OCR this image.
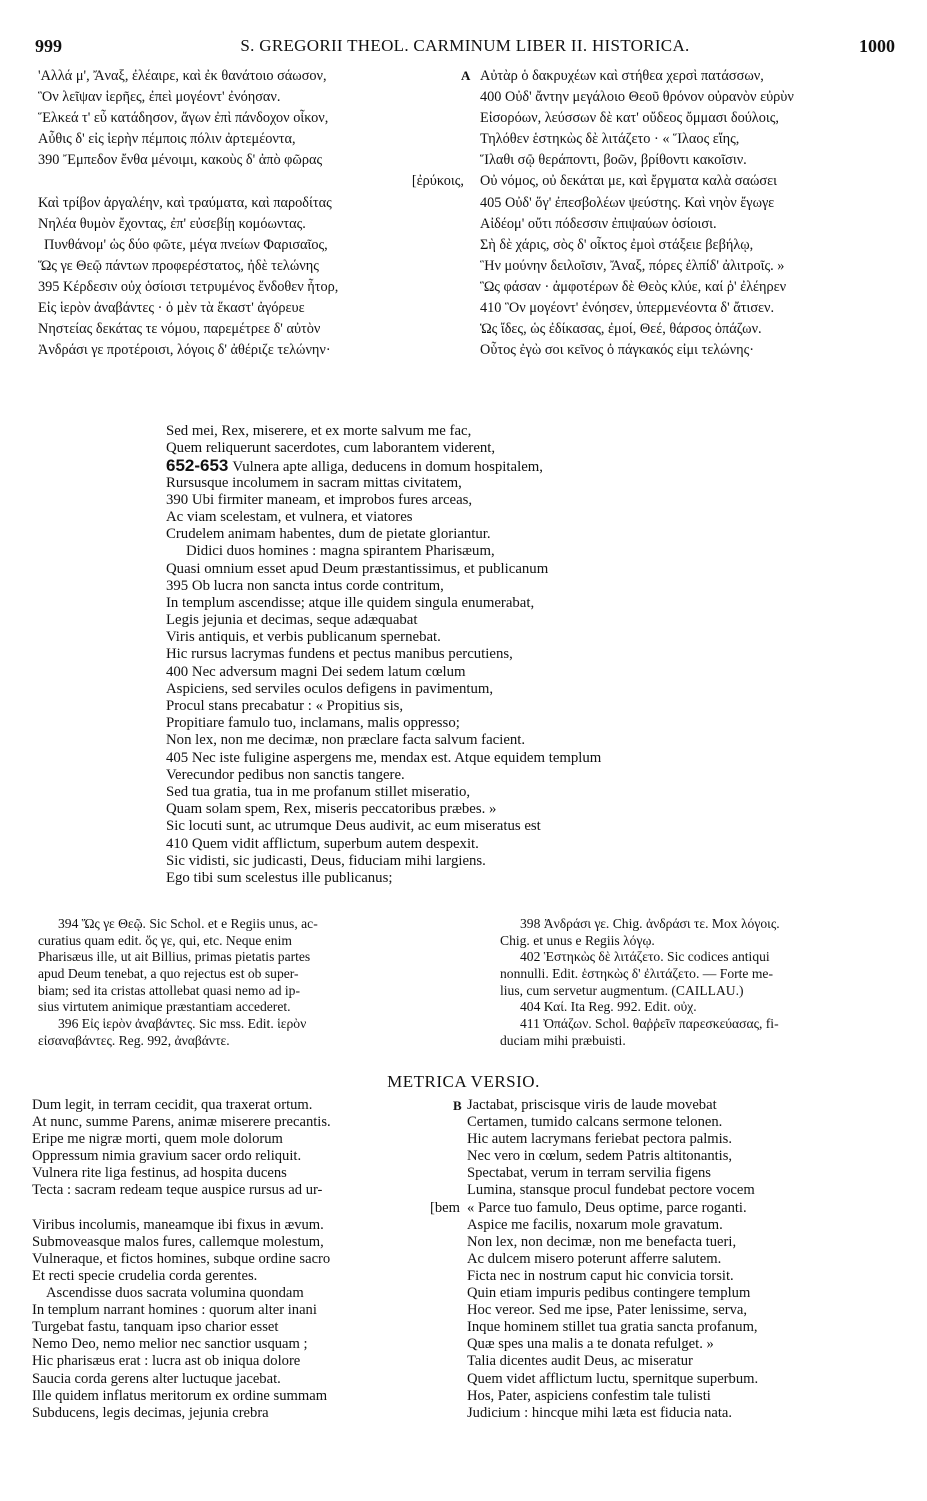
999	S. GREGORII THEOL. CARMINUM LIBER II. HISTORICA.	1000
'Αλλά μ', Ἄναξ, ἐλέαιρε, καὶ ἐκ θανάτοιο σάωσον,
Ὃν λεῖψαν ἱερῆες, ἐπεὶ μογέοντ' ἐνόησαν.
Ἕλκεά τ' εὖ κατάδησον, ἄγων ἐπὶ πάνδοχον οἶκον,
Αὖθις δ' εἰς ἱερὴν πέμποις πόλιν ἀρτεμέοντα,
390 Ἔμπεδον ἔνθα μένοιμι, κακοὺς δ' ἀπὸ φῶρας
[ἐρύκοις,
Καὶ τρίβον ἀργαλέην, καὶ τραύματα, καὶ παροδίτας
Νηλέα θυμὸν ἔχοντας, ἐπ' εὐσεβίῃ κομόωντας.
Πυνθάνομ' ὡς δύο φῶτε, μέγα πνείων Φαρισαῖος,
Ὥς γε Θεῷ πάντων προφερέστατος, ἠδὲ τελώνης
395 Κέρδεσιν οὐχ ὁσίοισι τετρυμένος ἔνδοθεν ἦτορ,
Εἰς ἱερὸν ἀναβάντες · ὁ μὲν τὰ ἕκαστ' ἀγόρευε
Νηστείας δεκάτας τε νόμου, παρεμέτρεε δ' αὐτὸν
Ἀνδράσι γε προτέροισι, λόγοις δ' ἀθέριζε τελώνην·
A Αὐτὰρ ὁ δακρυχέων καὶ στήθεα χερσὶ πατάσσων,
400 Οὐδ' ἄντην μεγάλοιο Θεοῦ θρόνον οὐρανὸν εὐρὺν
Εἰσορόων, λεύσσων δὲ κατ' οὔδεος ὄμμασι δούλοις,
Τηλόθεν ἑστηκὼς δὲ λιτάζετο · « Ἵλαος εἴης,
Ἵλαθι σῷ θεράποντι, βοῶν, βρίθοντι κακοῖσιν.
Οὐ νόμος, οὐ δεκάται με, καὶ ἔργματα καλὰ σαώσει
405 Οὐδ' ὅγ' ἐπεσβολέων ψεύστης. Καὶ νηὸν ἔγωγε
Αἰδέομ' οὔτι πόδεσσιν ἐπιψαύων ὁσίοισι.
Σὴ δὲ χάρις, σὸς δ' οἶκτος ἐμοὶ στάξειε βεβήλῳ,
Ἣν μούνην δειλοῖσιν, Ἄναξ, πόρες ἐλπίδ' ἀλιτροῖς. »
Ὣς φάσαν · ἀμφοτέρων δὲ Θεὸς κλύε, καί ῥ' ἐλέηρεν
410 Ὃν μογέοντ' ἐνόησεν, ὑπερμενέοντα δ' ἄτισεν.
Ὡς ἴδες, ὡς ἐδίκασας, ἐμοί, Θεέ, θάρσος ὀπάζων.
Οὗτος ἐγὼ σοι κεῖνος ὁ πάγκακός εἰμι τελώνης·
Sed mei, Rex, miserere, et ex morte salvum me fac,
Quem reliquerunt sacerdotes, cum laborantem viderent,
652-653 Vulnera apte alliga, deducens in domum hospitalem,
Rursusque incolumem in sacram mittas civitatem,
390 Ubi firmiter maneam, et improbos fures arceas,
Ac viam scelestam, et vulnera, et viatores
Crudelem animam habentes, dum de pietate gloriantur.
Didici duos homines : magna spirantem Pharisæum,
Quasi omnium esset apud Deum præstantissimus, et publicanum
395 Ob lucra non sancta intus corde contritum,
In templum ascendisse; atque ille quidem singula enumerabat,
Legis jejunia et decimas, seque adæquabat
Viris antiquis, et verbis publicanum spernebat.
Hic rursus lacrymas fundens et pectus manibus percutiens,
400 Nec adversum magni Dei sedem latum cœlum
Aspiciens, sed serviles oculos defigens in pavimentum,
Procul stans precabatur : « Propitius sis,
Propitiare famulo tuo, inclamans, malis oppresso;
Non lex, non me decimæ, non præclare facta salvum facient.
405 Nec iste fuligine aspergens me, mendax est. Atque equidem templum
Verecundor pedibus non sanctis tangere.
Sed tua gratia, tua in me profanum stillet miseratio,
Quam solam spem, Rex, miseris peccatoribus præbes. »
Sic locuti sunt, ac utrumque Deus audivit, ac eum miseratus est
410 Quem vidit afflictum, superbum autem despexit.
Sic vidisti, sic judicasti, Deus, fiduciam mihi largiens.
Ego tibi sum scelestus ille publicanus;
394 Ὥς γε Θεῷ. Sic Schol. et e Regiis unus, ac-
curatius quam edit. ὅς γε, qui, etc. Neque enim
Pharisæus ille, ut ait Billius, primas pietatis partes
apud Deum tenebat, a quo rejectus est ob super-
biam; sed ita cristas attollebat quasi nemo ad ip-
sius virtutem animique præstantiam accederet.
396 Εἰς ἱερὸν ἀναβάντες. Sic mss. Edit. ἱερὸν
εἰσαναβάντες. Reg. 992, ἀναβάντε.
398 Ἀνδράσι γε. Chig. ἀνδράσι τε. Mox λόγοις.
Chig. et unus e Regiis λόγῳ.
402 Ἑστηκὼς δὲ λιτάζετο. Sic codices antiqui
nonnulli. Edit. ἑστηκὼς δ' ἐλιτάζετο. — Forte me-
lius, cum servetur augmentum. (CAILLAU.)
404 Καί. Ita Reg. 992. Edit. οὐχ.
411 Ὀπάζων. Schol. θαῤῥεῖν παρεσκεύασας, fi-
duciam mihi præbuisti.
METRICA VERSIO.
Dum legit, in terram cecidit, qua traxerat ortum.
At nunc, summe Parens, animæ miserere precantis.
Eripe me nigræ morti, quem mole dolorum
Oppressum nimia gravium sacer ordo reliquit.
Vulnera rite liga festinus, ad hospita ducens
Tecta : sacram redeam teque auspice rursus ad ur-
[bem
Viribus incolumis, maneamque ibi fixus in ævum.
Submoveasque malos fures, callemque molestum,
Vulneraque, et fictos homines, subque ordine sacro
Et recti specie crudelia corda gerentes.
Ascendisse duos sacrata volumina quondam
In templum narrant homines : quorum alter inani
Turgebat fastu, tanquam ipso charior esset
Nemo Deo, nemo melior nec sanctior usquam ;
Hic pharisæus erat : lucra ast ob iniqua dolore
Saucia corda gerens alter luctuque jacebat.
Ille quidem inflatus meritorum ex ordine summam
Subducens, legis decimas, jejunia crebra
B Jactabat, priscisque viris de laude movebat
Certamen, tumido calcans sermone telonen.
Hic autem lacrymans feriebat pectora palmis.
Nec vero in cœlum, sedem Patris altitonantis,
Spectabat, verum in terram servilia figens
Lumina, stansque procul fundebat pectore vocem
« Parce tuo famulo, Deus optime, parce roganti.
Aspice me facilis, noxarum mole gravatum.
Non lex, non decimæ, non me benefacta tueri,
Ac dulcem misero poterunt afferre salutem.
Ficta nec in nostrum caput hic convicia torsit.
Quin etiam impuris pedibus contingere templum
Hoc vereor. Sed me ipse, Pater lenissime, serva,
Inque hominem stillet tua gratia sancta profanum,
Quæ spes una malis a te donata refulget. »
Talia dicentes audit Deus, ac miseratur
Quem videt afflictum luctu, spernitque superbum.
Hos, Pater, aspiciens confestim tale tulisti
Judicium : hincque mihi læta est fiducia nata.
